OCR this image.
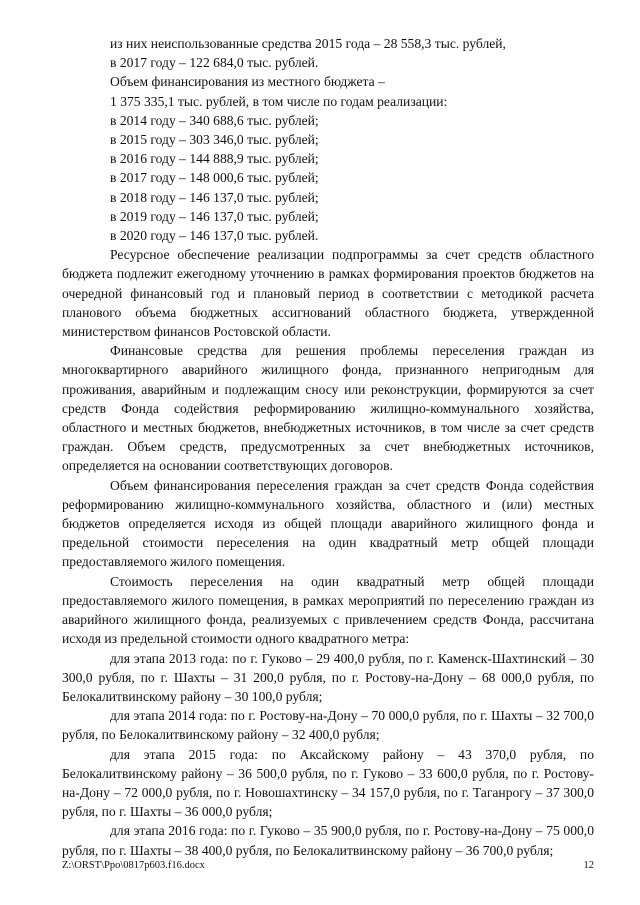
из них неиспользованные средства 2015 года – 28 558,3 тыс. рублей,
в 2017 году – 122 684,0 тыс. рублей.
Объем финансирования из местного бюджета –
1 375 335,1 тыс. рублей, в том числе по годам реализации:
в 2014 году – 340 688,6 тыс. рублей;
в 2015 году – 303 346,0 тыс. рублей;
в 2016 году – 144 888,9 тыс. рублей;
в 2017 году – 148 000,6 тыс. рублей;
в 2018 году – 146 137,0 тыс. рублей;
в 2019 году – 146 137,0 тыс. рублей;
в 2020 году – 146 137,0 тыс. рублей.
Ресурсное обеспечение реализации подпрограммы за счет средств областного бюджета подлежит ежегодному уточнению в рамках формирования проектов бюджетов на очередной финансовый год и плановый период в соответствии с методикой расчета планового объема бюджетных ассигнований областного бюджета, утвержденной министерством финансов Ростовской области.
Финансовые средства для решения проблемы переселения граждан из многоквартирного аварийного жилищного фонда, признанного непригодным для проживания, аварийным и подлежащим сносу или реконструкции, формируются за счет средств Фонда содействия реформированию жилищно-коммунального хозяйства, областного и местных бюджетов, внебюджетных источников, в том числе за счет средств граждан. Объем средств, предусмотренных за счет внебюджетных источников, определяется на основании соответствующих договоров.
Объем финансирования переселения граждан за счет средств Фонда содействия реформированию жилищно-коммунального хозяйства, областного и (или) местных бюджетов определяется исходя из общей площади аварийного жилищного фонда и предельной стоимости переселения на один квадратный метр общей площади предоставляемого жилого помещения.
Стоимость переселения на один квадратный метр общей площади предоставляемого жилого помещения, в рамках мероприятий по переселению граждан из аварийного жилищного фонда, реализуемых с привлечением средств Фонда, рассчитана исходя из предельной стоимости одного квадратного метра:
для этапа 2013 года: по г. Гуково – 29 400,0 рубля, по г. Каменск-Шахтинский – 30 300,0 рубля, по г. Шахты – 31 200,0 рубля, по г. Ростову-на-Дону – 68 000,0 рубля, по Белокалитвинскому району – 30 100,0 рубля;
для этапа 2014 года: по г. Ростову-на-Дону – 70 000,0 рубля, по г. Шахты – 32 700,0 рубля, по Белокалитвинскому району – 32 400,0 рубля;
для этапа 2015 года: по Аксайскому району – 43 370,0 рубля, по Белокалитвинскому району – 36 500,0 рубля, по г. Гуково – 33 600,0 рубля, по г. Ростову-на-Дону – 72 000,0 рубля, по г. Новошахтинску – 34 157,0 рубля, по г. Таганрогу – 37 300,0 рубля, по г. Шахты – 36 000,0 рубля;
для этапа 2016 года: по г. Гуково – 35 900,0 рубля, по г. Ростову-на-Дону – 75 000,0 рубля, по г. Шахты – 38 400,0 рубля, по Белокалитвинскому району – 36 700,0 рубля;
Z:\ORST\Ppo\0817p603.f16.docx	12
